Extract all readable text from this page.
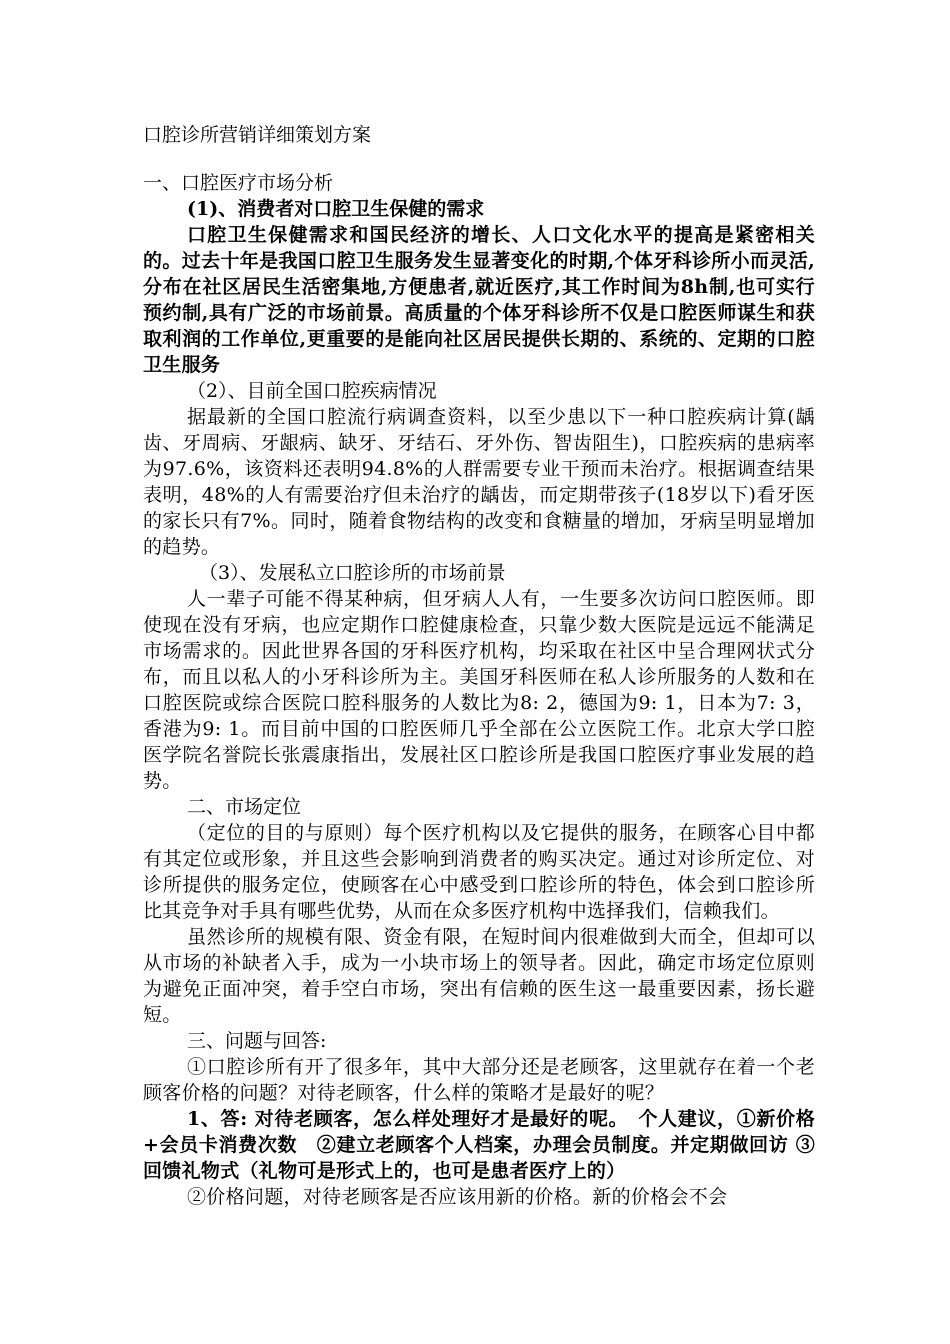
口腔诊所营销详细策划方案
一、口腔医疗市场分析
(1)、消费者对口腔卫生保健的需求

口腔卫生保健需求和国民经济的增长、人口文化水平的提高是紧密相关的。过去十年是我国口腔卫生服务发生显著变化的时期,个体牙科诊所小而灵活,分布在社区居民生活密集地,方便患者,就近医疗,其工作时间为8h制,也可实行预约制,具有广泛的市场前景。高质量的个体牙科诊所不仅是口腔医师谋生和获取利润的工作单位,更重要的是能向社区居民提供长期的、系统的、定期的口腔卫生服务

（2）、目前全国口腔疾病情况

据最新的全国口腔流行病调查资料，以至少患以下一种口腔疾病计算(龋齿、牙周病、牙龈病、缺牙、牙结石、牙外伤、智齿阻生)，口腔疾病的患病率为97.6%，该资料还表明94.8%的人群需要专业干预而未治疗。根据调查结果表明，48%的人有需要治疗但未治疗的龋齿，而定期带孩子(18岁以下)看牙医的家长只有7%。同时，随着食物结构的改变和食糖量的增加，牙病呈明显增加的趋势。

（3）、发展私立口腔诊所的市场前景

人一辈子可能不得某种病，但牙病人人有，一生要多次访问口腔医师。即使现在没有牙病，也应定期作口腔健康检查，只靠少数大医院是远远不能满足市场需求的。因此世界各国的牙科医疗机构，均采取在社区中呈合理网状式分布，而且以私人的小牙科诊所为主。美国牙科医师在私人诊所服务的人数和在口腔医院或综合医院口腔科服务的人数比为8: 2，德国为9: 1，日本为7: 3，香港为9: 1。而目前中国的口腔医师几乎全部在公立医院工作。北京大学口腔医学院名誉院长张震康指出，发展社区口腔诊所是我国口腔医疗事业发展的趋势。

二、市场定位

（定位的目的与原则）每个医疗机构以及它提供的服务，在顾客心目中都有其定位或形象，并且这些会影响到消费者的购买决定。通过对诊所定位、对诊所提供的服务定位，使顾客在心中感受到口腔诊所的特色，体会到口腔诊所比其竞争对手具有哪些优势，从而在众多医疗机构中选择我们，信赖我们。

虽然诊所的规模有限、资金有限，在短时间内很难做到大而全，但却可以从市场的补缺者入手，成为一小块市场上的领导者。因此，确定市场定位原则为避免正面冲突，着手空白市场，突出有信赖的医生这一最重要因素，扬长避短。

三、问题与回答:

①口腔诊所有开了很多年，其中大部分还是老顾客，这里就存在着一个老顾客价格的问题？对待老顾客，什么样的策略才是最好的呢？

1、答: 对待老顾客，怎么样处理好才是最好的呢。　个人建议，①新价格+会员卡消费次数　②建立老顾客个人档案，办理会员制度。并定期做回访 ③回馈礼物式（礼物可是形式上的，也可是患者医疗上的）

②价格问题，对待老顾客是否应该用新的价格。新的价格会不会
